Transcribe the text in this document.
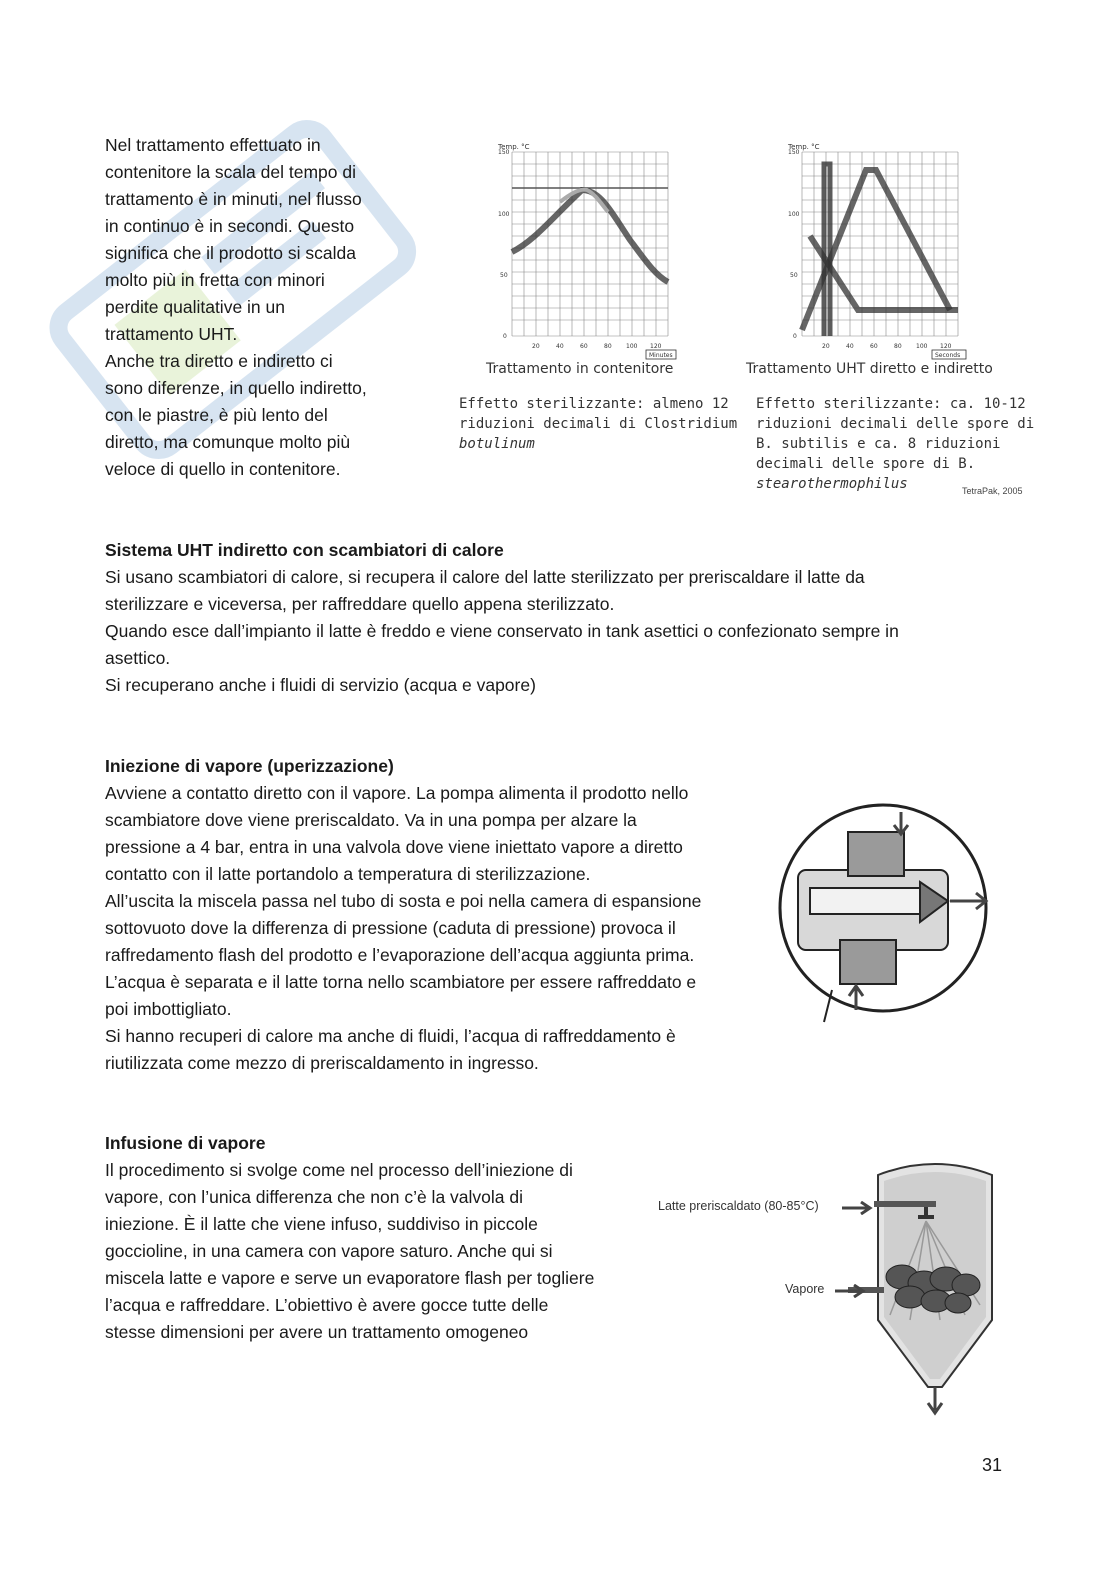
Nel trattamento effettuato in
contenitore la scala del tempo di
trattamento è in minuti, nel flusso
in continuo è in secondi. Questo
significa che il prodotto si scalda
molto più in fretta con minori
perdite qualitative in un
trattamento UHT.
Anche tra diretto e indiretto ci
sono diferenze, in quello indiretto,
con le piastre, è più lento del
diretto, ma comunque molto più
veloce di quello in contenitore.
Temp. °C
150
100
50
0
20	40	60	80 100 120
Minutes
Temp. °C
150
100
50
0
20	40	60	80 100 120
Seconds
Trattamento in contenitore	Trattamento UHT diretto e indiretto
Effetto sterilizzante: almeno 12
riduzioni decimali di Clostridium
botulinum
Effetto sterilizzante: ca. 10-12
riduzioni decimali delle spore di
B. subtilis e ca. 8 riduzioni
decimali delle spore di B.
stearothermophilus	TetraPak, 2005
Sistema UHT indiretto con scambiatori di calore
Si usano scambiatori di calore, si recupera il calore del latte sterilizzato per preriscaldare il latte da
sterilizzare e viceversa, per raffreddare quello appena sterilizzato.
Quando esce dall’impianto il latte è freddo e viene conservato in tank asettici o confezionato sempre in
asettico.
Si recuperano anche i fluidi di servizio (acqua e vapore)
Iniezione di vapore (uperizzazione)
Avviene a contatto diretto con il vapore. La pompa alimenta il prodotto nello
scambiatore dove viene preriscaldato. Va in una pompa per alzare la
pressione a 4 bar, entra in una valvola dove viene iniettato vapore a diretto
contatto con il latte portandolo a temperatura di sterilizzazione.
All’uscita la miscela passa nel tubo di sosta e poi nella camera di espansione
sottovuoto dove la differenza di pressione (caduta di pressione) provoca il
raffredamento flash del prodotto e l’evaporazione dell’acqua aggiunta prima.
L’acqua è separata e il latte torna nello scambiatore per essere raffreddato e
poi imbottigliato.
Si hanno recuperi di calore ma anche di fluidi, l’acqua di raffreddamento è
riutilizzata come mezzo di preriscaldamento in ingresso.
Infusione di vapore
Il procedimento si svolge come nel processo dell’iniezione di
vapore, con l’unica differenza che non c’è la valvola di
iniezione. È il latte che viene infuso, suddiviso in piccole
goccioline, in una camera con vapore saturo. Anche qui si
miscela latte e vapore e serve un evaporatore flash per togliere
l’acqua e raffreddare. L’obiettivo è avere gocce tutte delle
stesse dimensioni per avere un trattamento omogeneo
Latte preriscaldato (80-85°C)
Vapore
31
